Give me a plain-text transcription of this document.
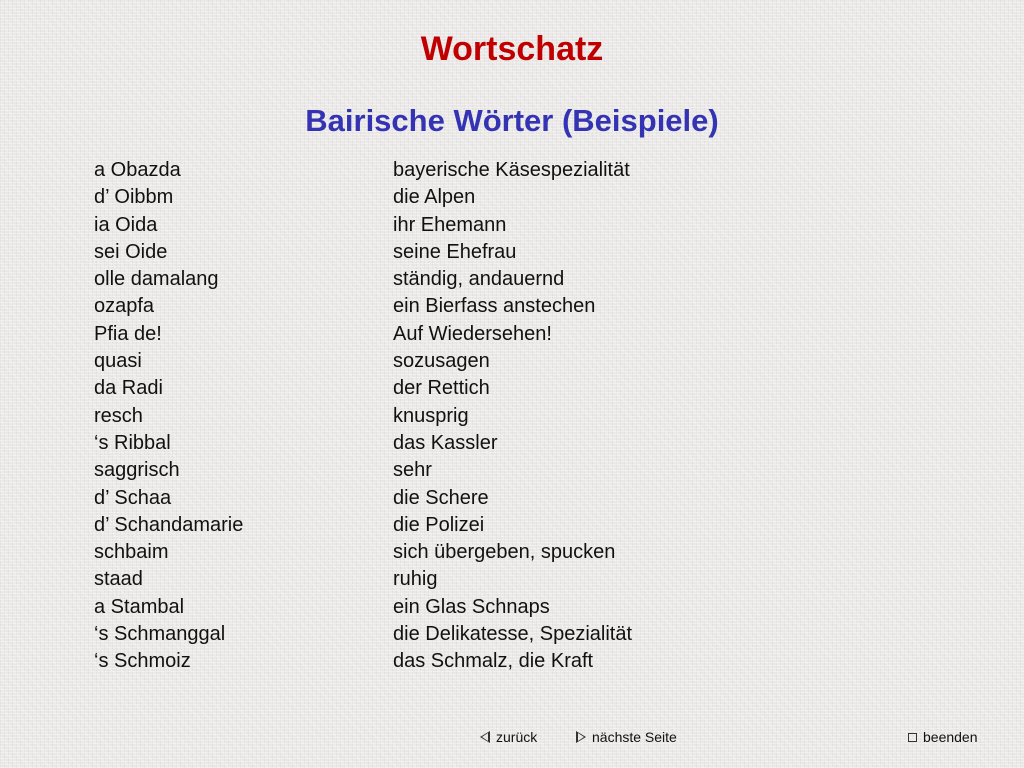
Wortschatz
Bairische Wörter (Beispiele)
a Obazda	bayerische Käsespezialität
d’ Oibbm	die Alpen
ia Oida	ihr Ehemann
sei Oide	seine Ehefrau
olle damalang	ständig, andauernd
ozapfa	ein Bierfass anstechen
Pfia de!	Auf Wiedersehen!
quasi	sozusagen
da Radi	der Rettich
resch	knusprig
‘s Ribbal	das Kassler
saggrisch	sehr
d’ Schaa	die Schere
d’ Schandamarie	die Polizei
schbaim	sich übergeben, spucken
staad	ruhig
a Stambal	ein Glas Schnaps
‘s Schmanggal	die Delikatesse, Spezialität
‘s Schmoiz	das Schmalz, die Kraft
zurück	nächste Seite	beenden
